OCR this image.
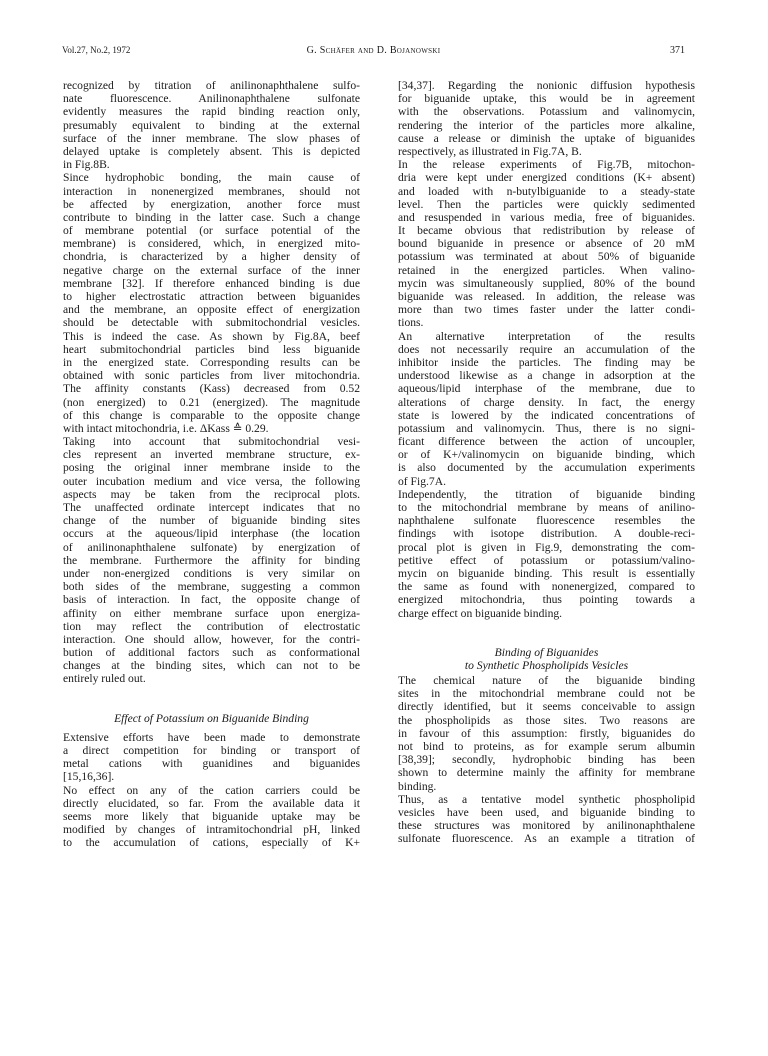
Vol.27, No.2, 1972	G. Schäfer and D. Bojanowski	371
recognized by titration of anilinonaphthalene sulfo-
nate fluorescence. Anilinonaphthalene sulfonate
evidently measures the rapid binding reaction only,
presumably equivalent to binding at the external
surface of the inner membrane. The slow phases of
delayed uptake is completely absent. This is depicted
in Fig.8B.
Since hydrophobic bonding, the main cause of
interaction in nonenergized membranes, should not
be affected by energization, another force must
contribute to binding in the latter case. Such a change
of membrane potential (or surface potential of the
membrane) is considered, which, in energized mito-
chondria, is characterized by a higher density of
negative charge on the external surface of the inner
membrane [32]. If therefore enhanced binding is due
to higher electrostatic attraction between biguanides
and the membrane, an opposite effect of energization
should be detectable with submitochondrial vesicles.
This is indeed the case. As shown by Fig.8A, beef
heart submitochondrial particles bind less biguanide
in the energized state. Corresponding results can be
obtained with sonic particles from liver mitochondria.
The affinity constants (Kass) decreased from 0.52
(non energized) to 0.21 (energized). The magnitude
of this change is comparable to the opposite change
with intact mitochondria, i.e. ΔKass ≙ 0.29.
Taking into account that submitochondrial vesi-
cles represent an inverted membrane structure, ex-
posing the original inner membrane inside to the
outer incubation medium and vice versa, the following
aspects may be taken from the reciprocal plots.
The unaffected ordinate intercept indicates that no
change of the number of biguanide binding sites
occurs at the aqueous/lipid interphase (the location
of anilinonaphthalene sulfonate) by energization of
the membrane. Furthermore the affinity for binding
under non-energized conditions is very similar on
both sides of the membrane, suggesting a common
basis of interaction. In fact, the opposite change of
affinity on either membrane surface upon energiza-
tion may reflect the contribution of electrostatic
interaction. One should allow, however, for the contri-
bution of additional factors such as conformational
changes at the binding sites, which can not to be
entirely ruled out.
Effect of Potassium on Biguanide Binding
Extensive efforts have been made to demonstrate
a direct competition for binding or transport of
metal cations with guanidines and biguanides
[15,16,36].
No effect on any of the cation carriers could be
directly elucidated, so far. From the available data it
seems more likely that biguanide uptake may be
modified by changes of intramitochondrial pH, linked
to the accumulation of cations, especially of K+
[34,37]. Regarding the nonionic diffusion hypothesis
for biguanide uptake, this would be in agreement
with the observations. Potassium and valinomycin,
rendering the interior of the particles more alkaline,
cause a release or diminish the uptake of biguanides
respectively, as illustrated in Fig.7A, B.
In the release experiments of Fig.7B, mitochon-
dria were kept under energized conditions (K+ absent)
and loaded with n-butylbiguanide to a steady-state
level. Then the particles were quickly sedimented
and resuspended in various media, free of biguanides.
It became obvious that redistribution by release of
bound biguanide in presence or absence of 20 mM
potassium was terminated at about 50% of biguanide
retained in the energized particles. When valino-
mycin was simultaneously supplied, 80% of the bound
biguanide was released. In addition, the release was
more than two times faster under the latter condi-
tions.
An alternative interpretation of the results
does not necessarily require an accumulation of the
inhibitor inside the particles. The finding may be
understood likewise as a change in adsorption at the
aqueous/lipid interphase of the membrane, due to
alterations of charge density. In fact, the energy
state is lowered by the indicated concentrations of
potassium and valinomycin. Thus, there is no signi-
ficant difference between the action of uncoupler,
or of K+/valinomycin on biguanide binding, which
is also documented by the accumulation experiments
of Fig.7A.
Independently, the titration of biguanide binding
to the mitochondrial membrane by means of anilino-
naphthalene sulfonate fluorescence resembles the
findings with isotope distribution. A double-reci-
procal plot is given in Fig.9, demonstrating the com-
petitive effect of potassium or potassium/valino-
mycin on biguanide binding. This result is essentially
the same as found with nonenergized, compared to
energized mitochondria, thus pointing towards a
charge effect on biguanide binding.
Binding of Biguanides
to Synthetic Phospholipids Vesicles
The chemical nature of the biguanide binding
sites in the mitochondrial membrane could not be
directly identified, but it seems conceivable to assign
the phospholipids as those sites. Two reasons are
in favour of this assumption: firstly, biguanides do
not bind to proteins, as for example serum albumin
[38,39]; secondly, hydrophobic binding has been
shown to determine mainly the affinity for membrane
binding.
Thus, as a tentative model synthetic phospholipid
vesicles have been used, and biguanide binding to
these structures was monitored by anilinonaphthalene
sulfonate fluorescence. As an example a titration of
